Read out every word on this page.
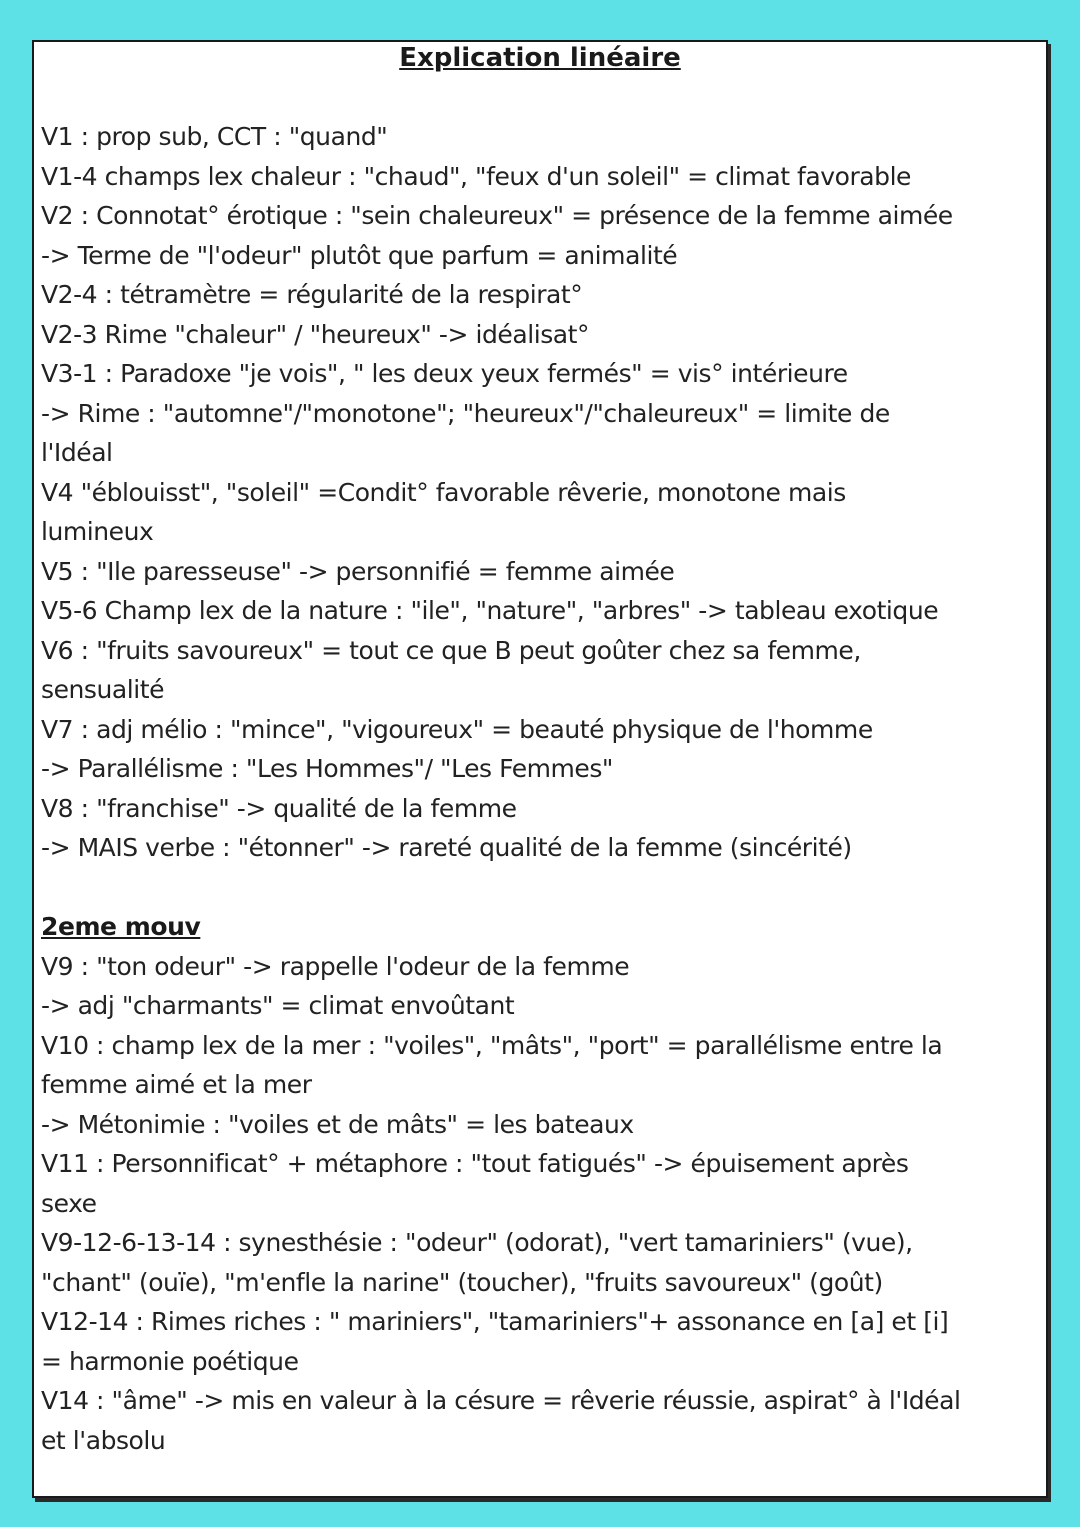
Explication linéaire
V1 : prop sub, CCT : "quand"
V1-4 champs lex chaleur : "chaud", "feux d'un soleil" = climat favorable
V2 : Connotat° érotique : "sein chaleureux" = présence de la femme aimée
-> Terme de "l'odeur" plutôt que parfum = animalité
V2-4 : tétramètre = régularité de la respirat°
V2-3 Rime "chaleur" / "heureux" -> idéalisat°
V3-1 : Paradoxe "je vois", " les deux yeux fermés" = vis° intérieure
-> Rime : "automne"/"monotone"; "heureux"/"chaleureux" = limite de
l'Idéal
V4 "éblouisst", "soleil" =Condit° favorable rêverie, monotone mais
lumineux
V5 : "Ile paresseuse" -> personnifié = femme aimée
V5-6 Champ lex de la nature : "ile", "nature", "arbres" -> tableau exotique
V6 : "fruits savoureux" = tout ce que B peut goûter chez sa femme,
sensualité
V7 : adj mélio : "mince", "vigoureux" = beauté physique de l'homme
-> Parallélisme : "Les Hommes"/ "Les Femmes"
V8 : "franchise" -> qualité de la femme
-> MAIS verbe : "étonner" -> rareté qualité de la femme (sincérité)
2eme mouv
V9 : "ton odeur" -> rappelle l'odeur de la femme
-> adj "charmants" = climat envoûtant
V10 : champ lex de la mer : "voiles", "mâts", "port" = parallélisme entre la
femme aimé et la mer
-> Métonimie : "voiles et de mâts" = les bateaux
V11 : Personnificat° + métaphore : "tout fatigués" -> épuisement après
sexe
V9-12-6-13-14 : synesthésie : "odeur" (odorat), "vert tamariniers" (vue),
"chant" (ouïe), "m'enfle la narine" (toucher), "fruits savoureux" (goût)
V12-14 : Rimes riches : " mariniers", "tamariniers"+ assonance en [a] et [i]
= harmonie poétique
V14 : "âme" -> mis en valeur à la césure = rêverie réussie, aspirat° à l'Idéal
et l'absolu
